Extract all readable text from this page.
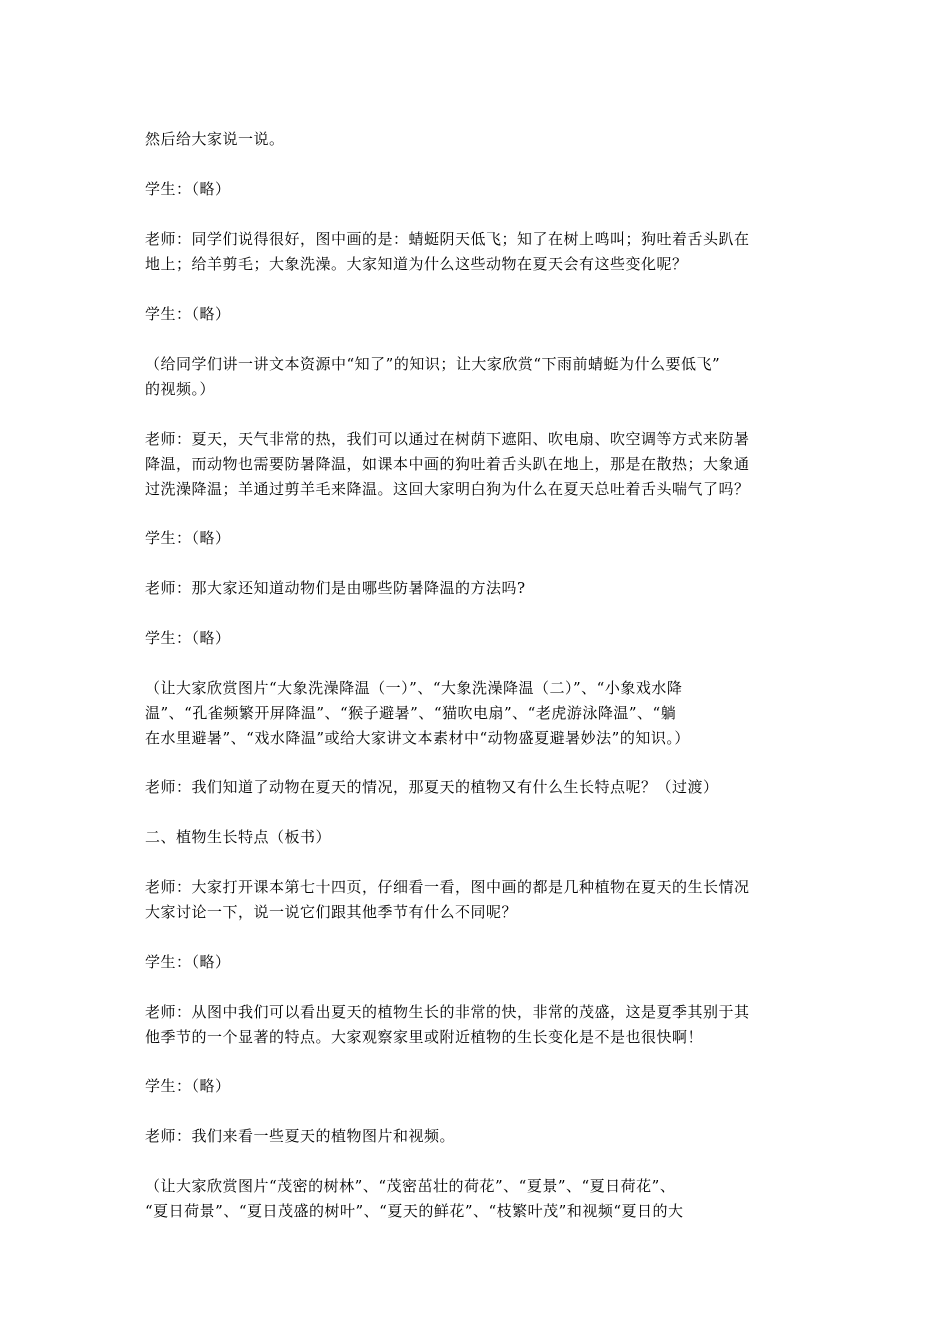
然后给大家说一说。

学生：（略）

老师：同学们说得很好，图中画的是：蜻蜓阴天低飞；知了在树上鸣叫；狗吐着舌头趴在
地上；给羊剪毛；大象洗澡。大家知道为什么这些动物在夏天会有这些变化呢？

学生：（略）

（给同学们讲一讲文本资源中“知了”的知识；让大家欣赏“下雨前蜻蜓为什么要低飞”
的视频。）

老师：夏天，天气非常的热，我们可以通过在树荫下遮阳、吹电扇、吹空调等方式来防暑
降温，而动物也需要防暑降温，如课本中画的狗吐着舌头趴在地上，那是在散热；大象通
过洗澡降温；羊通过剪羊毛来降温。这回大家明白狗为什么在夏天总吐着舌头喘气了吗？

学生：（略）

老师：那大家还知道动物们是由哪些防暑降温的方法吗?

学生：（略）

（让大家欣赏图片“大象洗澡降温（一）”、“大象洗澡降温（二）”、“小象戏水降
温”、“孔雀频繁开屏降温”、“猴子避暑”、“猫吹电扇”、“老虎游泳降温”、“躺
在水里避暑”、“戏水降温”或给大家讲文本素材中“动物盛夏避暑妙法”的知识。）

老师：我们知道了动物在夏天的情况，那夏天的植物又有什么生长特点呢？（过渡）

二、植物生长特点（板书）

老师：大家打开课本第七十四页，仔细看一看，图中画的都是几种植物在夏天的生长情况
大家讨论一下，说一说它们跟其他季节有什么不同呢？

学生：（略）

老师：从图中我们可以看出夏天的植物生长的非常的快，非常的茂盛，这是夏季其别于其
他季节的一个显著的特点。大家观察家里或附近植物的生长变化是不是也很快啊！

学生：（略）

老师：我们来看一些夏天的植物图片和视频。

（让大家欣赏图片“茂密的树林”、“茂密茁壮的荷花”、“夏景”、“夏日荷花”、
“夏日荷景”、“夏日茂盛的树叶”、“夏天的鲜花”、“枝繁叶茂”和视频“夏日的大
